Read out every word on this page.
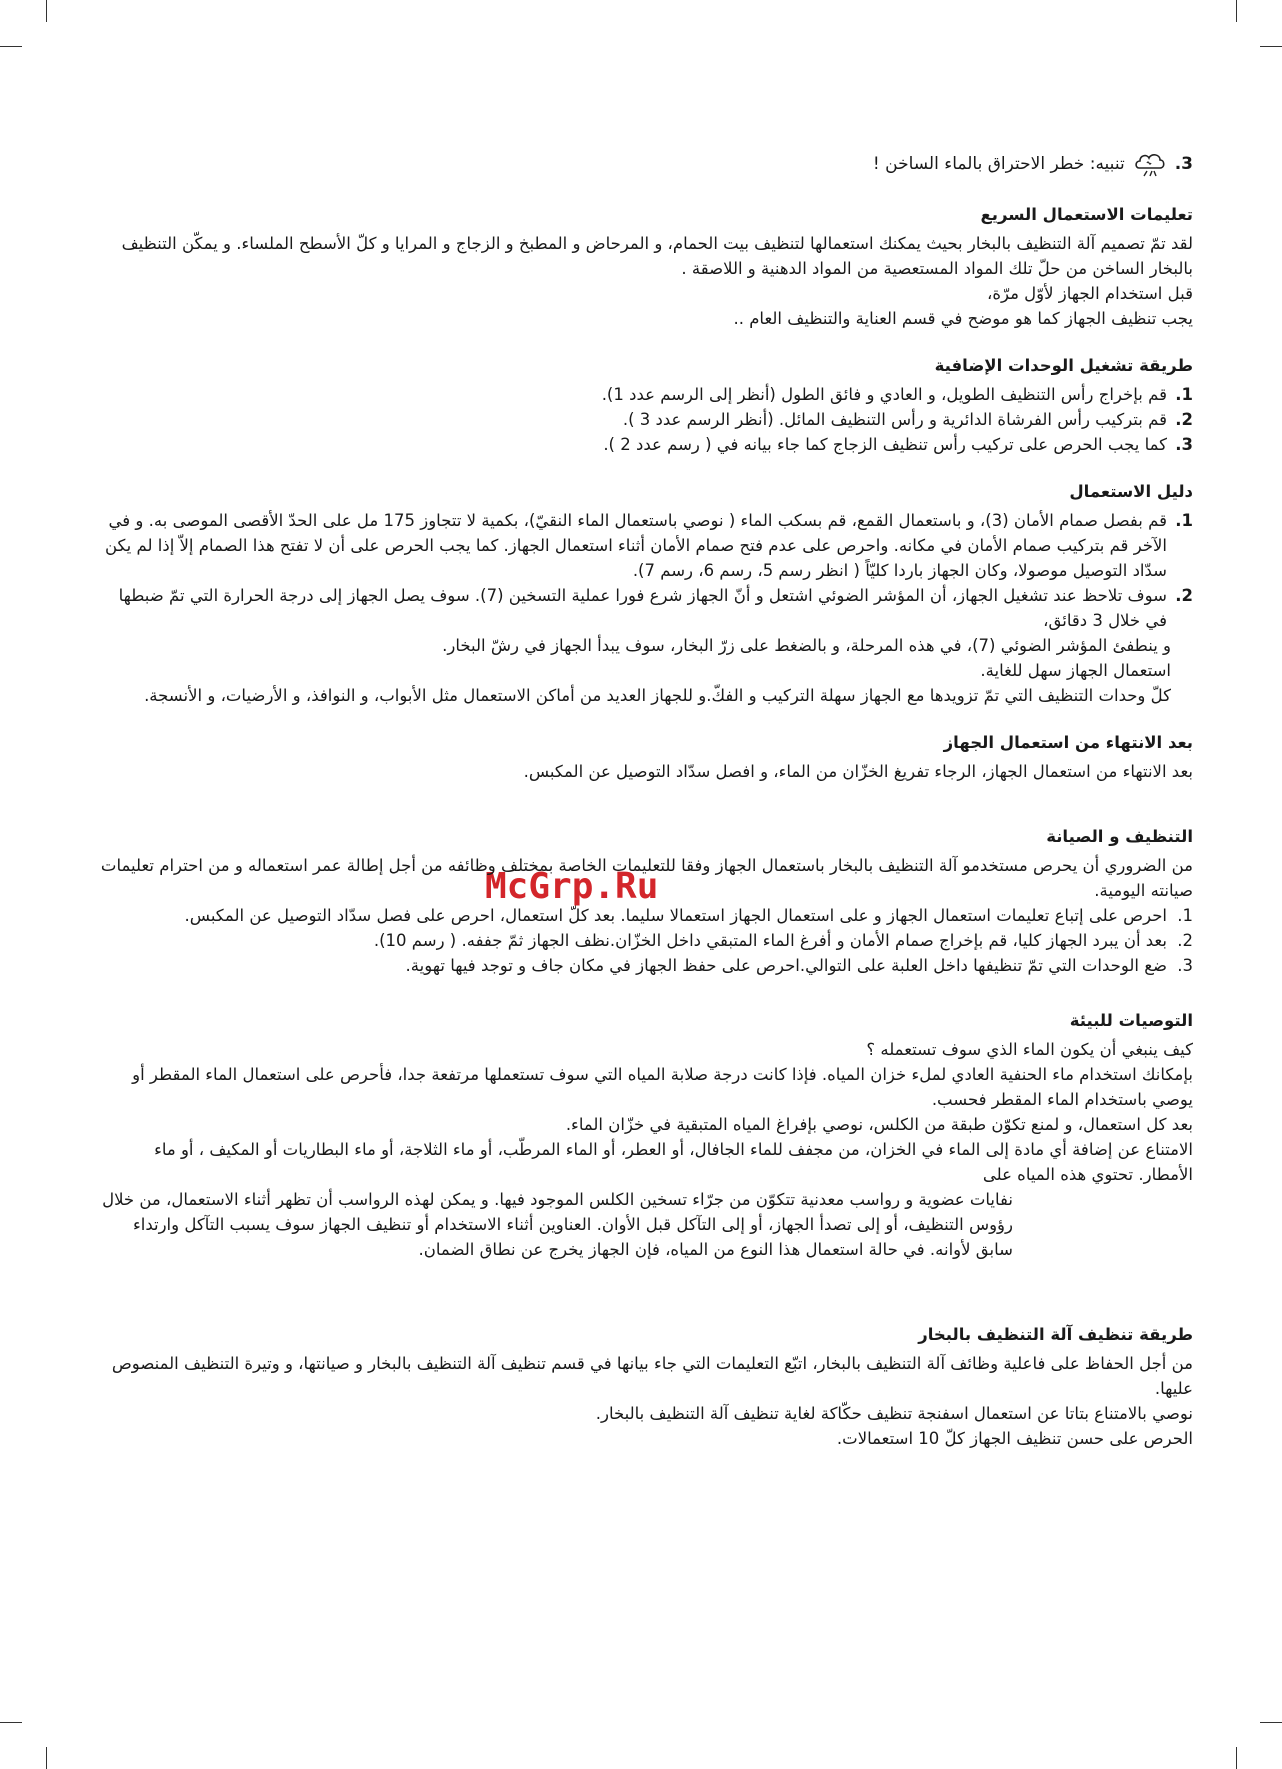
McGrp.Ru
3.
تنبيه: خطر الاحتراق بالماء الساخن !
تعليمات الاستعمال السريع

لقد تمّ تصميم آلة التنظيف بالبخار بحيث يمكنك استعمالها لتنظيف بيت الحمام، و المرحاض و المطبخ و الزجاج و المرايا و كلّ الأسطح الملساء. و يمكّن التنظيف بالبخار الساخن من حلّ تلك المواد المستعصية من المواد الدهنية و اللاصقة .

قبل استخدام الجهاز لأوّل مرّة،

يجب تنظيف الجهاز كما هو موضح في قسم العناية والتنظيف العام ..

طريقة تشغيل الوحدات الإضافية
1.
قم بإخراج رأس التنظيف الطويل، و العادي و فائق الطول (أنظر إلى الرسم عدد 1).
2.
قم بتركيب رأس الفرشاة الدائرية و رأس التنظيف المائل. (أنظر الرسم عدد 3 ).
3.
كما يجب الحرص على تركيب رأس تنظيف الزجاج كما جاء بيانه في ( رسم عدد 2 ).
دليل الاستعمال
1.
قم بفصل صمام الأمان (3)، و باستعمال القمع، قم بسكب الماء ( نوصي باستعمال الماء النقيّ)، بكمية لا تتجاوز 175 مل على الحدّ الأقصى الموصى به. و في الآخر قم بتركيب صمام الأمان في مكانه. واحرص على عدم فتح صمام الأمان أثناء استعمال الجهاز. كما يجب الحرص على أن لا تفتح هذا الصمام إلاّ إذا لم يكن سدّاد التوصيل موصولا، وكان الجهاز باردا كليّاً ( انظر رسم 5، رسم 6، رسم 7).
2.
سوف تلاحظ عند تشغيل الجهاز، أن المؤشر الضوئي اشتعل و أنّ الجهاز شرع فورا عملية التسخين (7). سوف يصل الجهاز إلى درجة الحرارة التي تمّ ضبطها في خلال 3 دقائق،

و ينطفئ المؤشر الضوئي (7)، في هذه المرحلة، و بالضغط على زرّ البخار، سوف يبدأ الجهاز في رشّ البخار.

استعمال الجهاز سهل للغاية.

كلّ وحدات التنظيف التي تمّ تزويدها مع الجهاز سهلة التركيب و الفكّ.و للجهاز العديد من أماكن الاستعمال مثل الأبواب، و النوافذ، و الأرضيات، و الأنسجة.

بعد الانتهاء من استعمال الجهاز

بعد الانتهاء من استعمال الجهاز، الرجاء تفريغ الخزّان من الماء، و افصل سدّاد التوصيل عن المكبس.

التنظيف و الصيانة

من الضروري أن يحرص مستخدمو آلة التنظيف بالبخار باستعمال الجهاز وفقا للتعليمات الخاصة بمختلف وظائفه من أجل إطالة عمر استعماله و من احترام تعليمات صيانته اليومية.

1.
احرص على إتباع تعليمات استعمال الجهاز و على استعمال الجهاز استعمالا سليما. بعد كلّ استعمال، احرص على فصل سدّاد التوصيل عن المكبس.
2.
بعد أن يبرد الجهاز كليا، قم بإخراج صمام الأمان و أفرغ الماء المتبقي داخل الخزّان.نظف الجهاز ثمّ جففه. ( رسم 10).
3.
ضع الوحدات التي تمّ تنظيفها داخل العلبة على التوالي.احرص على حفظ الجهاز في مكان جاف و توجد فيها تهوية.
التوصيات للبيئة

كيف ينبغي أن يكون الماء الذي سوف تستعمله ؟

بإمكانك استخدام ماء الحنفية العادي لملء خزان المياه. فإذا كانت درجة صلابة المياه التي سوف تستعملها مرتفعة جدا، فأحرص على استعمال الماء المقطر أو يوصي باستخدام الماء المقطر فحسب.

بعد كل استعمال، و لمنع تكوّن طبقة من الكلس، نوصي بإفراغ المياه المتبقية في خزّان الماء.

الامتناع عن إضافة أي مادة إلى الماء في الخزان، من مجفف للماء الجافال، أو العطر، أو الماء المرطّب، أو ماء الثلاجة، أو ماء البطاريات أو المكيف ، أو ماء الأمطار. تحتوي هذه المياه على

نفايات عضوية و رواسب معدنية تتكوّن من جرّاء تسخين الكلس الموجود فيها. و يمكن لهذه الرواسب أن تظهر أثناء الاستعمال، من خلال رؤوس التنظيف، أو إلى تصدأ الجهاز، أو إلى التآكل قبل الأوان. العناوين أثناء الاستخدام أو تنظيف الجهاز سوف يسبب التآكل وارتداء سابق لأوانه. في حالة استعمال هذا النوع من المياه، فإن الجهاز يخرج عن نطاق الضمان.

طريقة تنظيف آلة التنظيف بالبخار

من أجل الحفاظ على فاعلية وظائف آلة التنظيف بالبخار، اتبّع التعليمات التي جاء بيانها في قسم تنظيف آلة التنظيف بالبخار و صيانتها، و وتيرة التنظيف المنصوص عليها.

نوصي بالامتناع بتاتا عن استعمال اسفنجة تنظيف حكّاكة لغاية تنظيف آلة التنظيف بالبخار.

الحرص على حسن تنظيف الجهاز كلّ 10 استعمالات.
